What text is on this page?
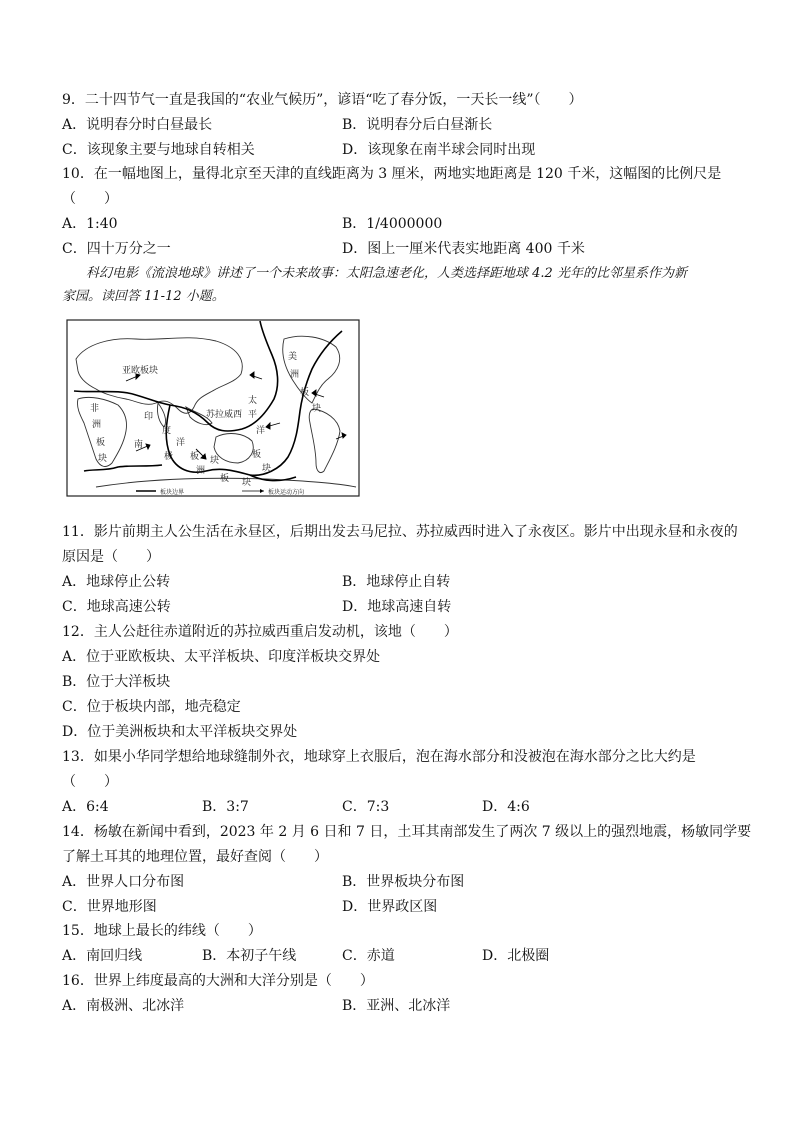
9．二十四节气一直是我国的“农业气候历”，谚语“吃了春分饭，一天长一线”（　　）
A．说明春分时白昼最长	B．说明春分后白昼渐长
C．该现象主要与地球自转相关	D．该现象在南半球会同时出现
10．在一幅地图上，量得北京至天津的直线距离为 3 厘米，两地实地距离是 120 千米，这幅图的比例尺是
（　　）
A．1:40	B．1/4000000
C．四十万分之一	D．图上一厘米代表实地距离 400 千米
科幻电影《流浪地球》讲述了一个未来故事：太阳急速老化，人类选择距地球 4.2 光年的比邻星系作为新
家园。读回答 11-12 小题。
亚欧板块
非
洲
板
块
印
度
洋
板 块
苏拉威西
太
平
洋
板
块
美
洲
板
块
南
极
洲
板 块
板块边界	板块运动方向
11．影片前期主人公生活在永昼区，后期出发去马尼拉、苏拉威西时进入了永夜区。影片中出现永昼和永夜的
原因是（　　）
A．地球停止公转	B．地球停止自转
C．地球高速公转	D．地球高速自转
12．主人公赶往赤道附近的苏拉威西重启发动机，该地（　　）
A．位于亚欧板块、太平洋板块、印度洋板块交界处
B．位于大洋板块
C．位于板块内部，地壳稳定
D．位于美洲板块和太平洋板块交界处
13．如果小华同学想给地球缝制外衣，地球穿上衣服后，泡在海水部分和没被泡在海水部分之比大约是
（　　）
A．6:4	B．3:7	C．7:3	D．4:6
14．杨敏在新闻中看到，2023 年 2 月 6 日和 7 日，土耳其南部发生了两次 7 级以上的强烈地震，杨敏同学要
了解土耳其的地理位置，最好查阅（　　）
A．世界人口分布图	B．世界板块分布图
C．世界地形图	D．世界政区图
15．地球上最长的纬线（　　）
A．南回归线	B．本初子午线	C．赤道	D．北极圈
16．世界上纬度最高的大洲和大洋分别是（　　）
A．南极洲、北冰洋	B．亚洲、北冰洋
